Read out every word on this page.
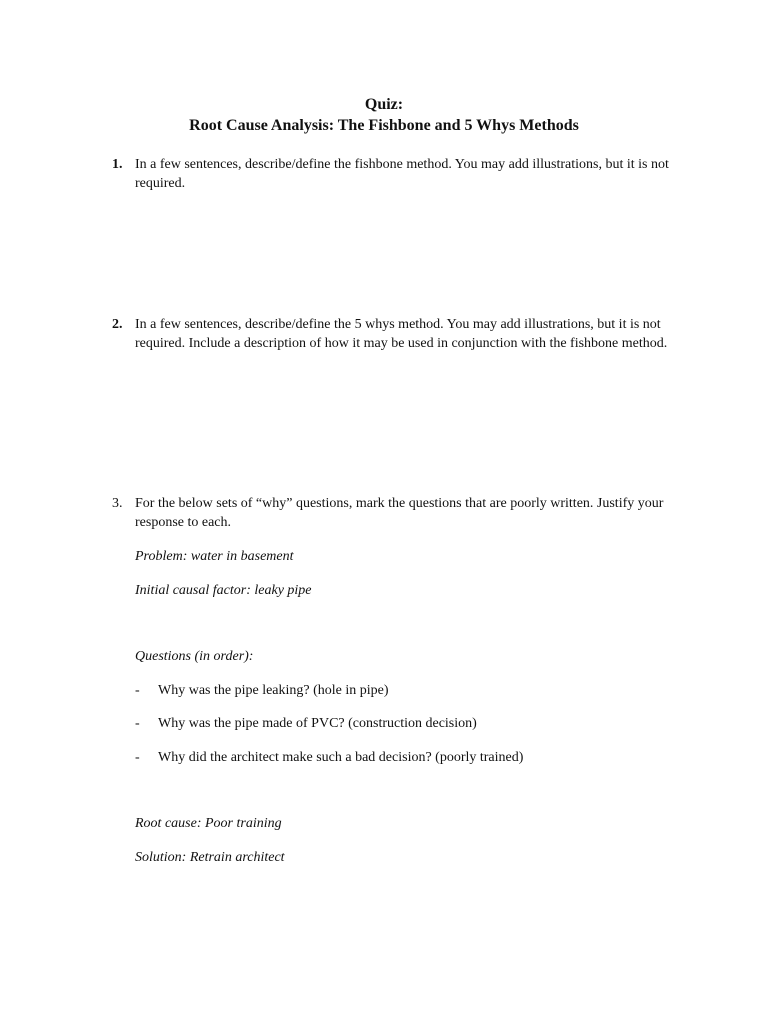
Quiz:
Root Cause Analysis: The Fishbone and 5 Whys Methods
1. In a few sentences, describe/define the fishbone method. You may add illustrations, but it is not required.
2. In a few sentences, describe/define the 5 whys method. You may add illustrations, but it is not required. Include a description of how it may be used in conjunction with the fishbone method.
3. For the below sets of “why” questions, mark the questions that are poorly written. Justify your response to each.
Problem: water in basement
Initial causal factor: leaky pipe
Questions (in order):
- Why was the pipe leaking? (hole in pipe)
- Why was the pipe made of PVC? (construction decision)
- Why did the architect make such a bad decision? (poorly trained)
Root cause: Poor training
Solution: Retrain architect
